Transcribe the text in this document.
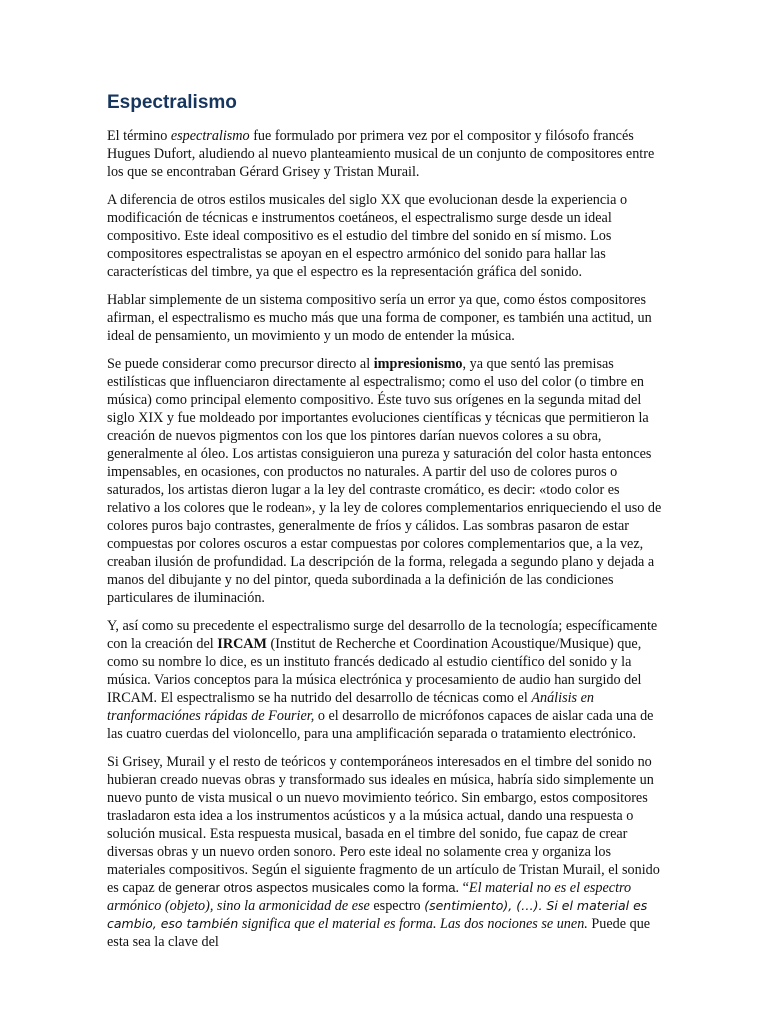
Espectralismo

El término espectralismo fue formulado por primera vez por el compositor y filósofo francés Hugues Dufort, aludiendo al nuevo planteamiento musical de un conjunto de compositores entre los que se encontraban Gérard Grisey y Tristan Murail.

A diferencia de otros estilos musicales del siglo XX que evolucionan desde la experiencia o modificación de técnicas e instrumentos coetáneos, el espectralismo surge desde un ideal compositivo. Este ideal compositivo es el estudio del timbre del sonido en sí mismo. Los compositores espectralistas se apoyan en el espectro armónico del sonido para hallar las características del timbre, ya que el espectro es la representación gráfica del sonido.

Hablar simplemente de un sistema compositivo sería un error ya que, como éstos compositores afirman, el espectralismo es mucho más que una forma de componer, es también una actitud, un ideal de pensamiento, un movimiento y un modo de entender la música.

Se puede considerar como precursor directo al impresionismo, ya que sentó las premisas estilísticas que influenciaron directamente al espectralismo; como el uso del color (o timbre en música) como principal elemento compositivo. Éste tuvo sus orígenes en la segunda mitad del siglo XIX y fue moldeado por importantes evoluciones científicas y técnicas que permitieron la creación de nuevos pigmentos con los que los pintores darían nuevos colores a su obra, generalmente al óleo. Los artistas consiguieron una pureza y saturación del color hasta entonces impensables, en ocasiones, con productos no naturales. A partir del uso de colores puros o saturados, los artistas dieron lugar a la ley del contraste cromático, es decir: «todo color es relativo a los colores que le rodean», y la ley de colores complementarios enriqueciendo el uso de colores puros bajo contrastes, generalmente de fríos y cálidos. Las sombras pasaron de estar compuestas por colores oscuros a estar compuestas por colores complementarios que, a la vez, creaban ilusión de profundidad. La descripción de la forma, relegada a segundo plano y dejada a manos del dibujante y no del pintor, queda subordinada a la definición de las condiciones particulares de iluminación.

Y, así como su precedente el espectralismo surge del desarrollo de la tecnología; específicamente con la creación del IRCAM (Institut de Recherche et Coordination Acoustique/Musique) que, como su nombre lo dice, es un instituto francés dedicado al estudio científico del sonido y la música. Varios conceptos para la música electrónica y procesamiento de audio han surgido del IRCAM. El espectralismo se ha nutrido del desarrollo de técnicas como el Análisis en tranformaciónes rápidas de Fourier, o el desarrollo de micrófonos capaces de aislar cada una de las cuatro cuerdas del violoncello, para una amplificación separada o tratamiento electrónico.

Si Grisey, Murail y el resto de teóricos y contemporáneos interesados en el timbre del sonido no hubieran creado nuevas obras y transformado sus ideales en música, habría sido simplemente un nuevo punto de vista musical o un nuevo movimiento teórico. Sin embargo, estos compositores trasladaron esta idea a los instrumentos acústicos y a la música actual, dando una respuesta o solución musical. Esta respuesta musical, basada en el timbre del sonido, fue capaz de crear diversas obras y un nuevo orden sonoro. Pero este ideal no solamente crea y organiza los materiales compositivos. Según el siguiente fragmento de un artículo de Tristan Murail, el sonido es capaz de generar otros aspectos musicales como la forma. “El material no es el espectro armónico (objeto), sino la armonicidad de ese espectro (sentimiento), (…). Si el material es cambio, eso también significa que el material es forma. Las dos nociones se unen. Puede que esta sea la clave del
